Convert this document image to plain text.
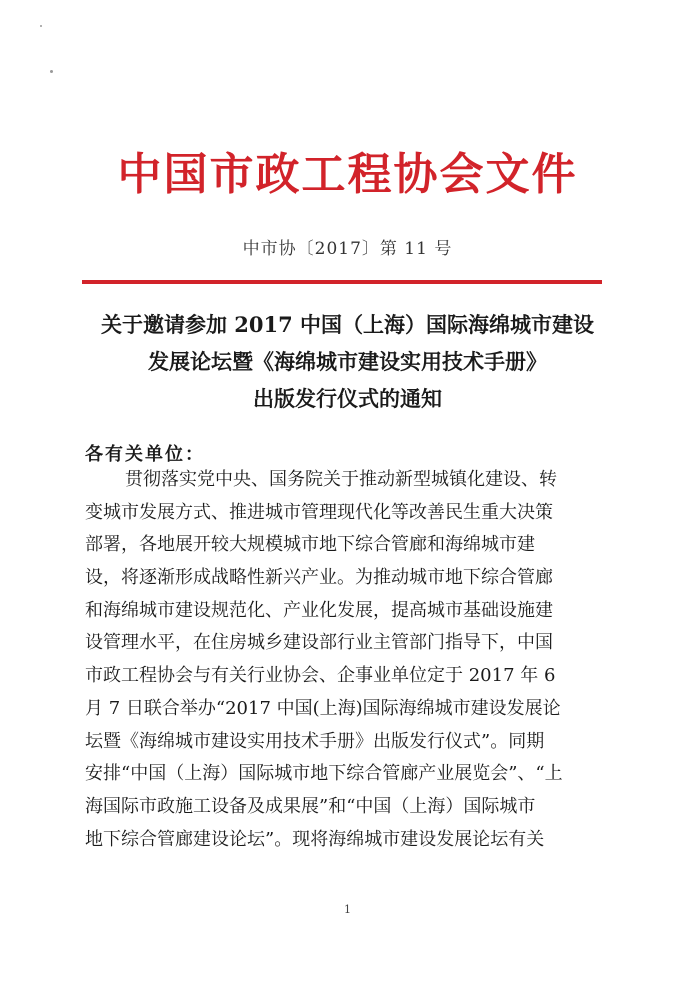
中国市政工程协会文件
中市协〔2017〕第 11 号
关于邀请参加 2017 中国（上海）国际海绵城市建设
发展论坛暨《海绵城市建设实用技术手册》
出版发行仪式的通知
各有关单位：
贯彻落实党中央、国务院关于推动新型城镇化建设、转
变城市发展方式、推进城市管理现代化等改善民生重大决策
部署，各地展开较大规模城市地下综合管廊和海绵城市建
设，将逐渐形成战略性新兴产业。为推动城市地下综合管廊
和海绵城市建设规范化、产业化发展，提高城市基础设施建
设管理水平，在住房城乡建设部行业主管部门指导下，中国
市政工程协会与有关行业协会、企事业单位定于 2017 年 6
月 7 日联合举办“2017 中国(上海)国际海绵城市建设发展论
坛暨《海绵城市建设实用技术手册》出版发行仪式”。同期
安排“中国（上海）国际城市地下综合管廊产业展览会”、“上
海国际市政施工设备及成果展”和“中国（上海）国际城市
地下综合管廊建设论坛”。现将海绵城市建设发展论坛有关
1
